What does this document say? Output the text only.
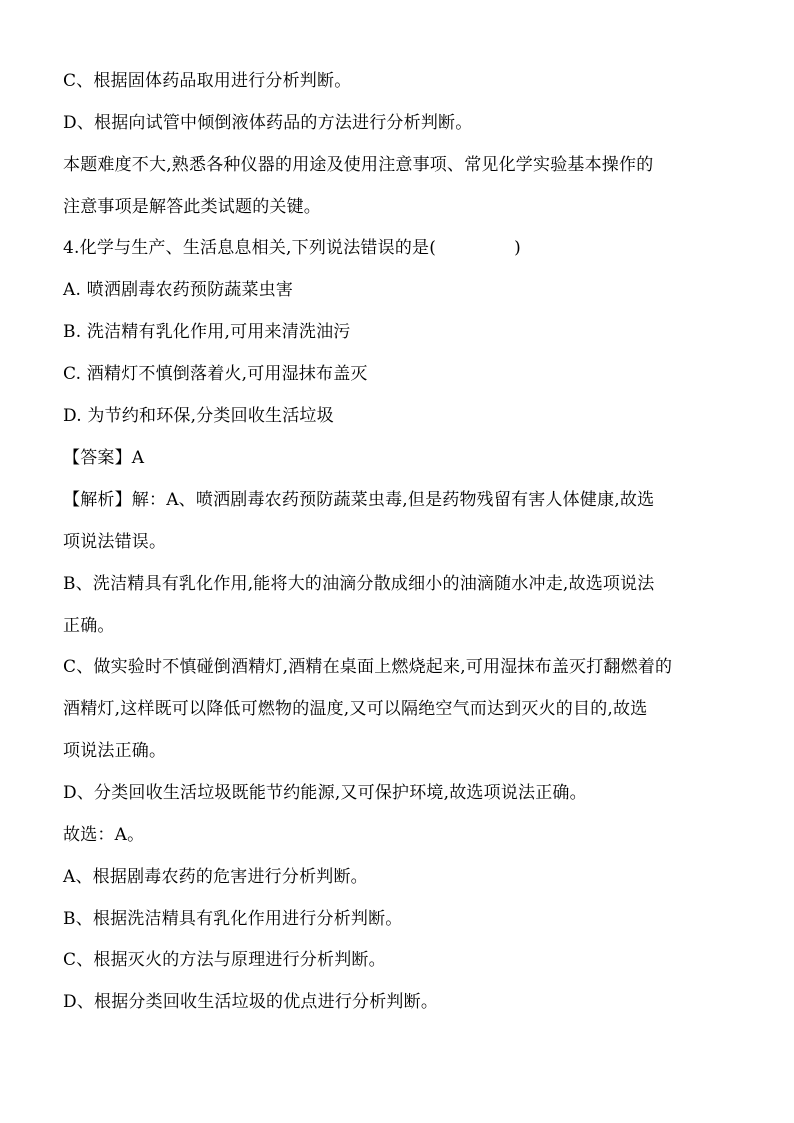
C、根据固体药品取用进行分析判断。
D、根据向试管中倾倒液体药品的方法进行分析判断。
本题难度不大,熟悉各种仪器的用途及使用注意事项、常见化学实验基本操作的
注意事项是解答此类试题的关键。
4.化学与生产、生活息息相关,下列说法错误的是(	)
A. 喷洒剧毒农药预防蔬菜虫害
B. 洗洁精有乳化作用,可用来清洗油污
C. 酒精灯不慎倒落着火,可用湿抹布盖灭
D. 为节约和环保,分类回收生活垃圾
【答案】A
【解析】解：A、喷洒剧毒农药预防蔬菜虫毒,但是药物残留有害人体健康,故选
项说法错误。
B、洗洁精具有乳化作用,能将大的油滴分散成细小的油滴随水冲走,故选项说法
正确。
C、做实验时不慎碰倒酒精灯,酒精在桌面上燃烧起来,可用湿抹布盖灭打翻燃着的
酒精灯,这样既可以降低可燃物的温度,又可以隔绝空气而达到灭火的目的,故选
项说法正确。
D、分类回收生活垃圾既能节约能源,又可保护环境,故选项说法正确。
故选：A。
A、根据剧毒农药的危害进行分析判断。
B、根据洗洁精具有乳化作用进行分析判断。
C、根据灭火的方法与原理进行分析判断。
D、根据分类回收生活垃圾的优点进行分析判断。
